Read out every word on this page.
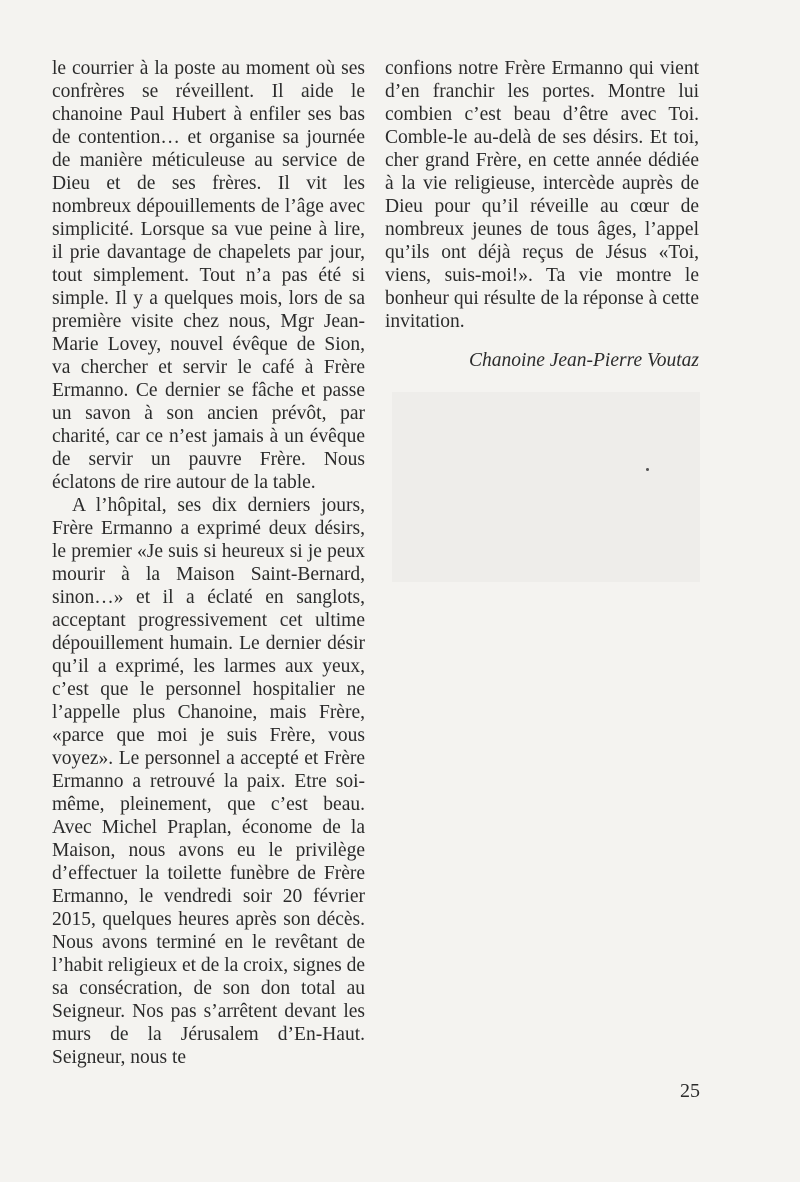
le courrier à la poste au moment où ses confrères se réveillent. Il aide le chanoine Paul Hubert à enfiler ses bas de contention… et organise sa journée de manière méticuleuse au service de Dieu et de ses frères. Il vit les nombreux dépouillements de l’âge avec simplicité. Lorsque sa vue peine à lire, il prie davantage de chapelets par jour, tout simplement. Tout n’a pas été si simple. Il y a quelques mois, lors de sa première visite chez nous, Mgr Jean-Marie Lovey, nouvel évêque de Sion, va chercher et servir le café à Frère Ermanno. Ce dernier se fâche et passe un savon à son ancien prévôt, par charité, car ce n’est jamais à un évêque de servir un pauvre Frère. Nous éclatons de rire autour de la table.

A l’hôpital, ses dix derniers jours, Frère Ermanno a exprimé deux désirs, le premier «Je suis si heureux si je peux mourir à la Maison Saint-Bernard, sinon…» et il a éclaté en sanglots, acceptant progressivement cet ultime dépouillement humain. Le dernier désir qu’il a exprimé, les larmes aux yeux, c’est que le personnel hospitalier ne l’appelle plus Chanoine, mais Frère, «parce que moi je suis Frère, vous voyez». Le personnel a accepté et Frère Ermanno a retrouvé la paix. Etre soi-même, pleinement, que c’est beau. Avec Michel Praplan, économe de la Maison, nous avons eu le privilège d’effectuer la toilette funèbre de Frère Ermanno, le vendredi soir 20 février 2015, quelques heures après son décès. Nous avons terminé en le revêtant de l’habit religieux et de la croix, signes de sa consécration, de son don total au Seigneur. Nos pas s’arrêtent devant les murs de la Jérusalem d’En-Haut. Seigneur, nous te

confions notre Frère Ermanno qui vient d’en franchir les portes. Montre lui combien c’est beau d’être avec Toi. Comble-le au-delà de ses désirs. Et toi, cher grand Frère, en cette année dédiée à la vie religieuse, intercède auprès de Dieu pour qu’il réveille au cœur de nombreux jeunes de tous âges, l’appel qu’ils ont déjà reçus de Jésus «Toi, viens, suis-moi!». Ta vie montre le bonheur qui résulte de la réponse à cette invitation.

Chanoine Jean-Pierre Voutaz
25
